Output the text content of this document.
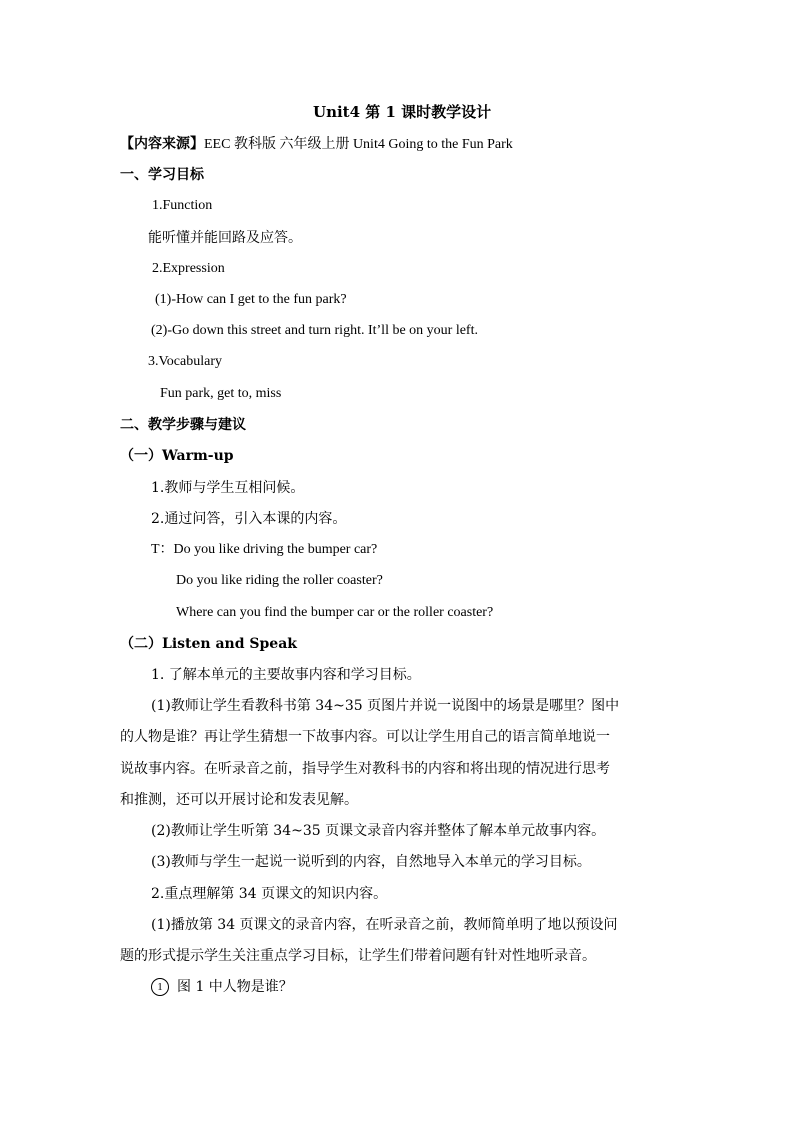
Unit4 第 1 课时教学设计
【内容来源】EEC 教科版 六年级上册 Unit4 Going to the Fun Park
一、学习目标
1.Function
能听懂并能回路及应答。
2.Expression
(1)-How can I get to the fun park?
(2)-Go down this street and turn right. It’ll be on your left.
3.Vocabulary
Fun park, get to, miss
二、教学步骤与建议
（一）Warm-up
1.教师与学生互相问候。
2.通过问答，引入本课的内容。
T：Do you like driving the bumper car?
Do you like riding the roller coaster?
Where can you find the bumper car or the roller coaster?
（二）Listen and Speak
1. 了解本单元的主要故事内容和学习目标。
(1)教师让学生看教科书第 34~35 页图片并说一说图中的场景是哪里？图中
的人物是谁？再让学生猜想一下故事内容。可以让学生用自己的语言简单地说一
说故事内容。在听录音之前，指导学生对教科书的内容和将出现的情况进行思考
和推测，还可以开展讨论和发表见解。
(2)教师让学生听第 34~35 页课文录音内容并整体了解本单元故事内容。
(3)教师与学生一起说一说听到的内容，自然地导入本单元的学习目标。
2.重点理解第 34 页课文的知识内容。
(1)播放第 34 页课文的录音内容，在听录音之前，教师简单明了地以预设问
题的形式提示学生关注重点学习目标，让学生们带着问题有针对性地听录音。
1 图 1 中人物是谁？
